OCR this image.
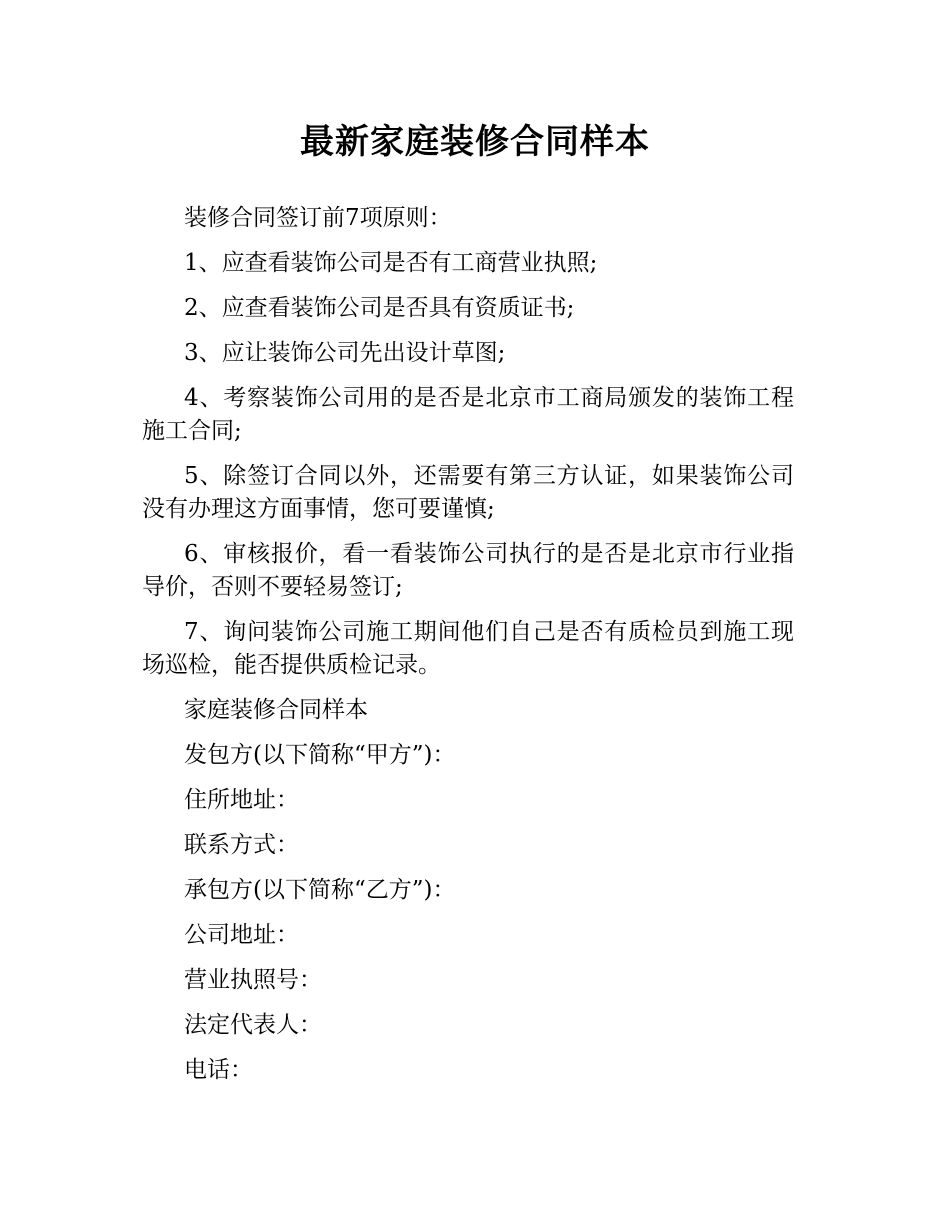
最新家庭装修合同样本

装修合同签订前7项原则：

1、应查看装饰公司是否有工商营业执照;

2、应查看装饰公司是否具有资质证书;

3、应让装饰公司先出设计草图;

4、考察装饰公司用的是否是北京市工商局颁发的装饰工程施工合同;

5、除签订合同以外，还需要有第三方认证，如果装饰公司没有办理这方面事情，您可要谨慎;

6、审核报价，看一看装饰公司执行的是否是北京市行业指导价，否则不要轻易签订;

7、询问装饰公司施工期间他们自己是否有质检员到施工现场巡检，能否提供质检记录。

家庭装修合同样本

发包方(以下简称“甲方”)：

住所地址：

联系方式：

承包方(以下简称“乙方”)：

公司地址：

营业执照号：

法定代表人：

电话：
